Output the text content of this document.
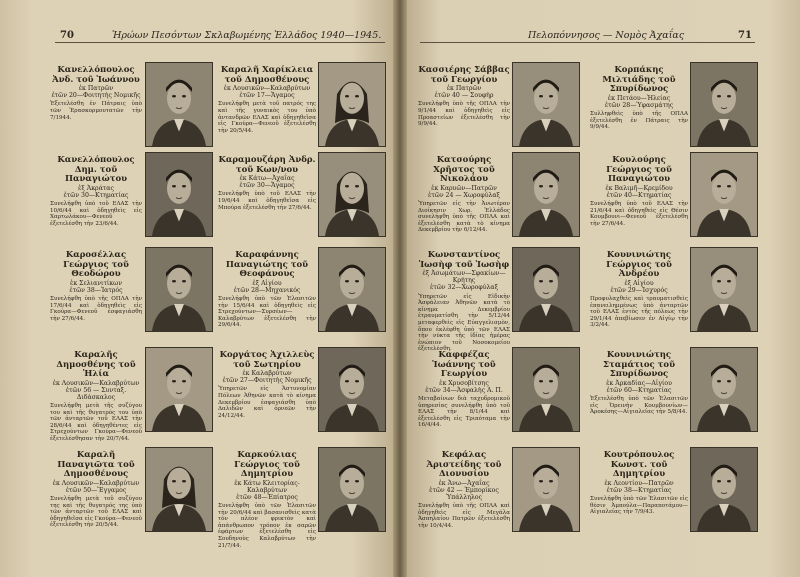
70	Ἡρώων Πεσόντων Σκλαβωμένης Ἑλλάδος 1940—1945.	Πελοπόννησος — Νομὸς Ἀχαΐας	71
Κανελλόπουλος Ἀνδ. τοῦ Ἰωάννου
ἐκ Πατρῶν
ἐτῶν 20—Φοιτητὴς Νομικῆς
Ἐξετελέσθη ἐν Πάτραις ὑπὸ τῶν Ἐρασκορμουτατῶν τὴν 7/1944.
Καραλῆ Χαρίκλεια τοῦ Δημοσθένους
ἐκ Λουσικῶν—Καλαβρύτων
ἐτῶν 17—Ἄγαμος
Συνελήφθη μετὰ τοῦ πατρός της καὶ τῆς γυναικὸς του ὑπὸ ἀντανδρῶν ΕΛΑΣ καὶ ὁδηγηθεῖσα εἰς Γκούρα—Φενεοῦ ἐξετελέσθη τὴν 20/5/44.
Κανελλόπουλος Δημ. τοῦ Παναγιώτου
ἐξ Ἀκράτας
ἐτῶν 30—Κτηματίας
Συνελήφθη ὑπὸ τοῦ ΕΛΑΣ τὴν 10/6/44 καὶ ὁδηγηθεὶς εἰς Χαρτωλάκου—Φενεοῦ ἐξετελέσθη τὴν 23/6/44.
Καραμουζάρη Ἀνδρ. τοῦ Κων/νου
ἐκ Κάτω—Ἀχαΐας
ἐτῶν 30—Ἄγαμος
Συνελήφθη ὑπὸ τοῦ ΕΛΑΣ τὴν 19/6/44 καὶ ὁδηγηθεῖσα εἰς Μπούρα ἐξετελέσθη τὴν 27/6/44.
Καροσέλλας Γεώργιος τοῦ Θεοδώρου
ἐκ Σελιανιτίκων
ἐτῶν 38—Ἰατρός
Συνελήφθη ὑπὸ τῆς ΟΠΛΑ τὴν 17/6/44 καὶ ὁδηγηθεὶς εἰς Γκούρα—Φενεοῦ ἐσφαγιάσθη τὴν 27/6/44.
Καραφάννης Παναγιώτης τοῦ Θεοφάνους
ἐξ Αἰγίου
ἐτῶν 28—Μηχανικός
Συνελήφθη ὑπὸ τῶν Ἐλασιτῶν τὴν 15/6/44 καὶ ὁδηγηθεὶς εἰς Στρεχούντων—Συρσέων—Καλαβρύτων ἐξετελέσθη τὴν 29/6/44.
Καραλῆς Δημοσθένης τοῦ Ἠλία
ἐκ Λουσικῶν—Καλαβρύτων
ἐτῶν 56 — Συνταξ. Διδάσκαλος
Συνελήφθη μετὰ τῆς συζύγου του καὶ τῆς θυγατρός του ὑπὸ τῶν ἀνταρτῶν τοῦ ΕΛΑΣ τὴν 28/6/44 καὶ ὁδηγηθέντες εἰς Στρεχούντων Γκούρα—Φενεοῦ ἐξετελέσθησαν τὴν 20/7/44.
Κοργάτος Ἀχιλλεὺς τοῦ Σωτηρίου
ἐκ Καλαβρύτων
ἐτῶν 27—Φοιτητὴς Νομικῆς
Ὑπηρετῶν εἰς Ἀστυνομίαν Πόλεων Ἀθηνῶν κατὰ τὸ κίνημα Δεκεμβρίου ἐσφαγιάσθη ὑπὸ Δαλιδῶν καὶ ὀρνεῶν τὴν 24/12/44.
Καραλῆ Παναγιῶτα τοῦ Δημοσθένους
ἐκ Λουσικῶν—Καλαβρύτων
ἐτῶν 50—Ἔγγαμος
Συνελήφθη μετὰ τοῦ συζύγου της καὶ τῆς θυγατρός της ὑπὸ τῶν ἀνταρτῶν τοῦ ΕΛΑΣ καὶ ὁδηγηθεῖσα εἰς Γκούρα—Φενεοῦ ἐξετελέσθη τὴν 20/5/44.
Καρκούλιας Γεώργιος τοῦ Δημητρίου
ἐκ Κάτω Κλειτορίας-Καλαβρύτων
ἐτῶν 48—Ἐπίατρος
Συνελήφθη ὑπὸ τῶν Ἐλασιτῶν τὴν 20/6/44 καὶ βασανισθεὶς κατὰ τὸν πλέον φρικτὸν καὶ ἀπάνθρωπον τρόπον ἐκ σαρῶν ἐφάρτων ἐξετελέσθη εἰς Σουδηνοὺς Καλαβρύτων τὴν 21/7/44.
Κασσιέρης Σάββας τοῦ Γεωργίου
ἐκ Πατρῶν
ἐτῶν 40 — Σουφὴρ
Συνελήφθη ὑπὸ τῆς ΟΠΛΑ τὴν 9/1/44 καὶ ὁδηγηθεὶς εἰς Προαστείων ἐξετελέσθη τὴν 9/9/44.
Κορπάκης Μιλτιάδης τοῦ Σπυρίδωνος
ἐκ Πετάου—Ἠλείας
ἐτῶν 28—Ὑφασμάτης
Συλληφθεὶς ὑπὸ τῆς ΟΠΛΑ ἐξετελέσθη ἐν Πάτραις τὴν 9/9/44.
Κατσούρης Χρῆστος τοῦ Νικολάου
ἐκ Καρυῶν—Πατρῶν
ἐτῶν 24 — Χωροφύλαξ
Ὑπηρετῶν εἰς τὴν Ἀνωτέραν Διοίκησιν Χωρ. Ἐλλάδος συνελήφθη ὑπὸ τῆς ΟΠΛΑ καὶ ἐξετελέσθη κατὰ τὸ κίνημα Δεκεμβρίου τὴν 6/12/44.
Κουλούρης Γεώργιος τοῦ Παναγιώτου
ἐκ Βαλιμῆ—Κρεμίδου
ἐτῶν 40—Κτηματίας
Συνελήφθη ὑπὸ τοῦ ΕΛΑΣ τὴν 21/6/44 καὶ ὁδηγηθεὶς εἰς Θέσιν Κουμβουνι—Φενεοῦ ἐξετελέσθη τὴν 27/6/44.
Κωνσταντίνος Ἰωσὴφ τοῦ Ἰωσὴφ
ἐξ Ἀσωμάτων—Σφακίων—Κρήτης
ἐτῶν 32—Χωροφύλαξ
Ὑπηρετῶν εἰς Εἰδικὴν Ἀσφάλειαν Ἀθηνῶν κατὰ τὸ κίνημα Δεκεμβρίου ἐτραυματίσθη τὴν 5/12/44 μεταφερθεὶς εἰς Εὐαγγελισμὸν, ὅπου ἐκλέφθη ὑπὸ τῶν ΕΛΑΣ τὴν νύκτα τῆς ἰδίας ἡμέρας ἐνώπιον τοῦ Νοσοκομείου ἐξετελέσθη.
Κουνινιώτης Γεώργιος τοῦ Ἀνδρέου
ἐξ Αἰγίου
ἐτῶν 29—Ἰσχυρός
Προφυλαχθεὶς καὶ τραυματισθεὶς ἐπανειλημμένως ὑπὸ ἀνταρτῶν τοῦ ΕΛΑΣ ἐντὸς τῆς πόλεως τὴν 29/1/44 ἀπεβίωσεν ἐν Αἰγίῳ τὴν 3/2/44.
Καφφέζας Ἰωάννης τοῦ Γεωργίου
ἐκ Χρυσοβίτσης
ἐτῶν 34—Ἀσφαλὴς Α. Π.
Μεταβαίνων διὰ ταχυδρομικοῦ ὑπηρεσίας συνελήφθη ὑπὸ τοῦ ΕΛΑΣ τὴν 8/1/44 καὶ ἐξετελέσθη εἰς Τριπόταμα τὴν 16/4/44.
Κουνινιώτης Σταμάτιος τοῦ Σπυρίδωνος
ἐκ Ἀρκαδίας—Αἰγίου
ἐτῶν 60—Κτηματίας
Ἐξετελέσθη ὑπὸ τῶν Ἐλασιτῶν εἰς Ὀρεινὴν Κουμβουνίων—Ἀροκέσης—Αἰγιαλείας τὴν 5/8/44.
Κεφάλας Ἀριστείδης τοῦ Διονυσίου
ἐκ Ἀνω—Ἀχαΐας
ἐτῶν 42 — Ἐμπορίκος Ὑπάλληλος
Συνελήφθη ὑπὸ τῆς ΟΠΛΑ καὶ ὁδηγηθεὶς εἰς Μεγάλα Ἀσπηλαίου Πατρῶν ἐξετελέσθη τὴν 10/4/44.
Κουτρόπουλος Κωνστ. τοῦ Δημητρίου
ἐκ Λεοντίου—Πατρῶν
ἐτῶν 38—Κτηματίας
Συνελήφθη ὑπὸ τῶν Ἐλασιτῶν εἰς θέσιν Ἀμπούλα—Παραποτάμου—Αἰγιαλείας τὴν 7/9/43.
